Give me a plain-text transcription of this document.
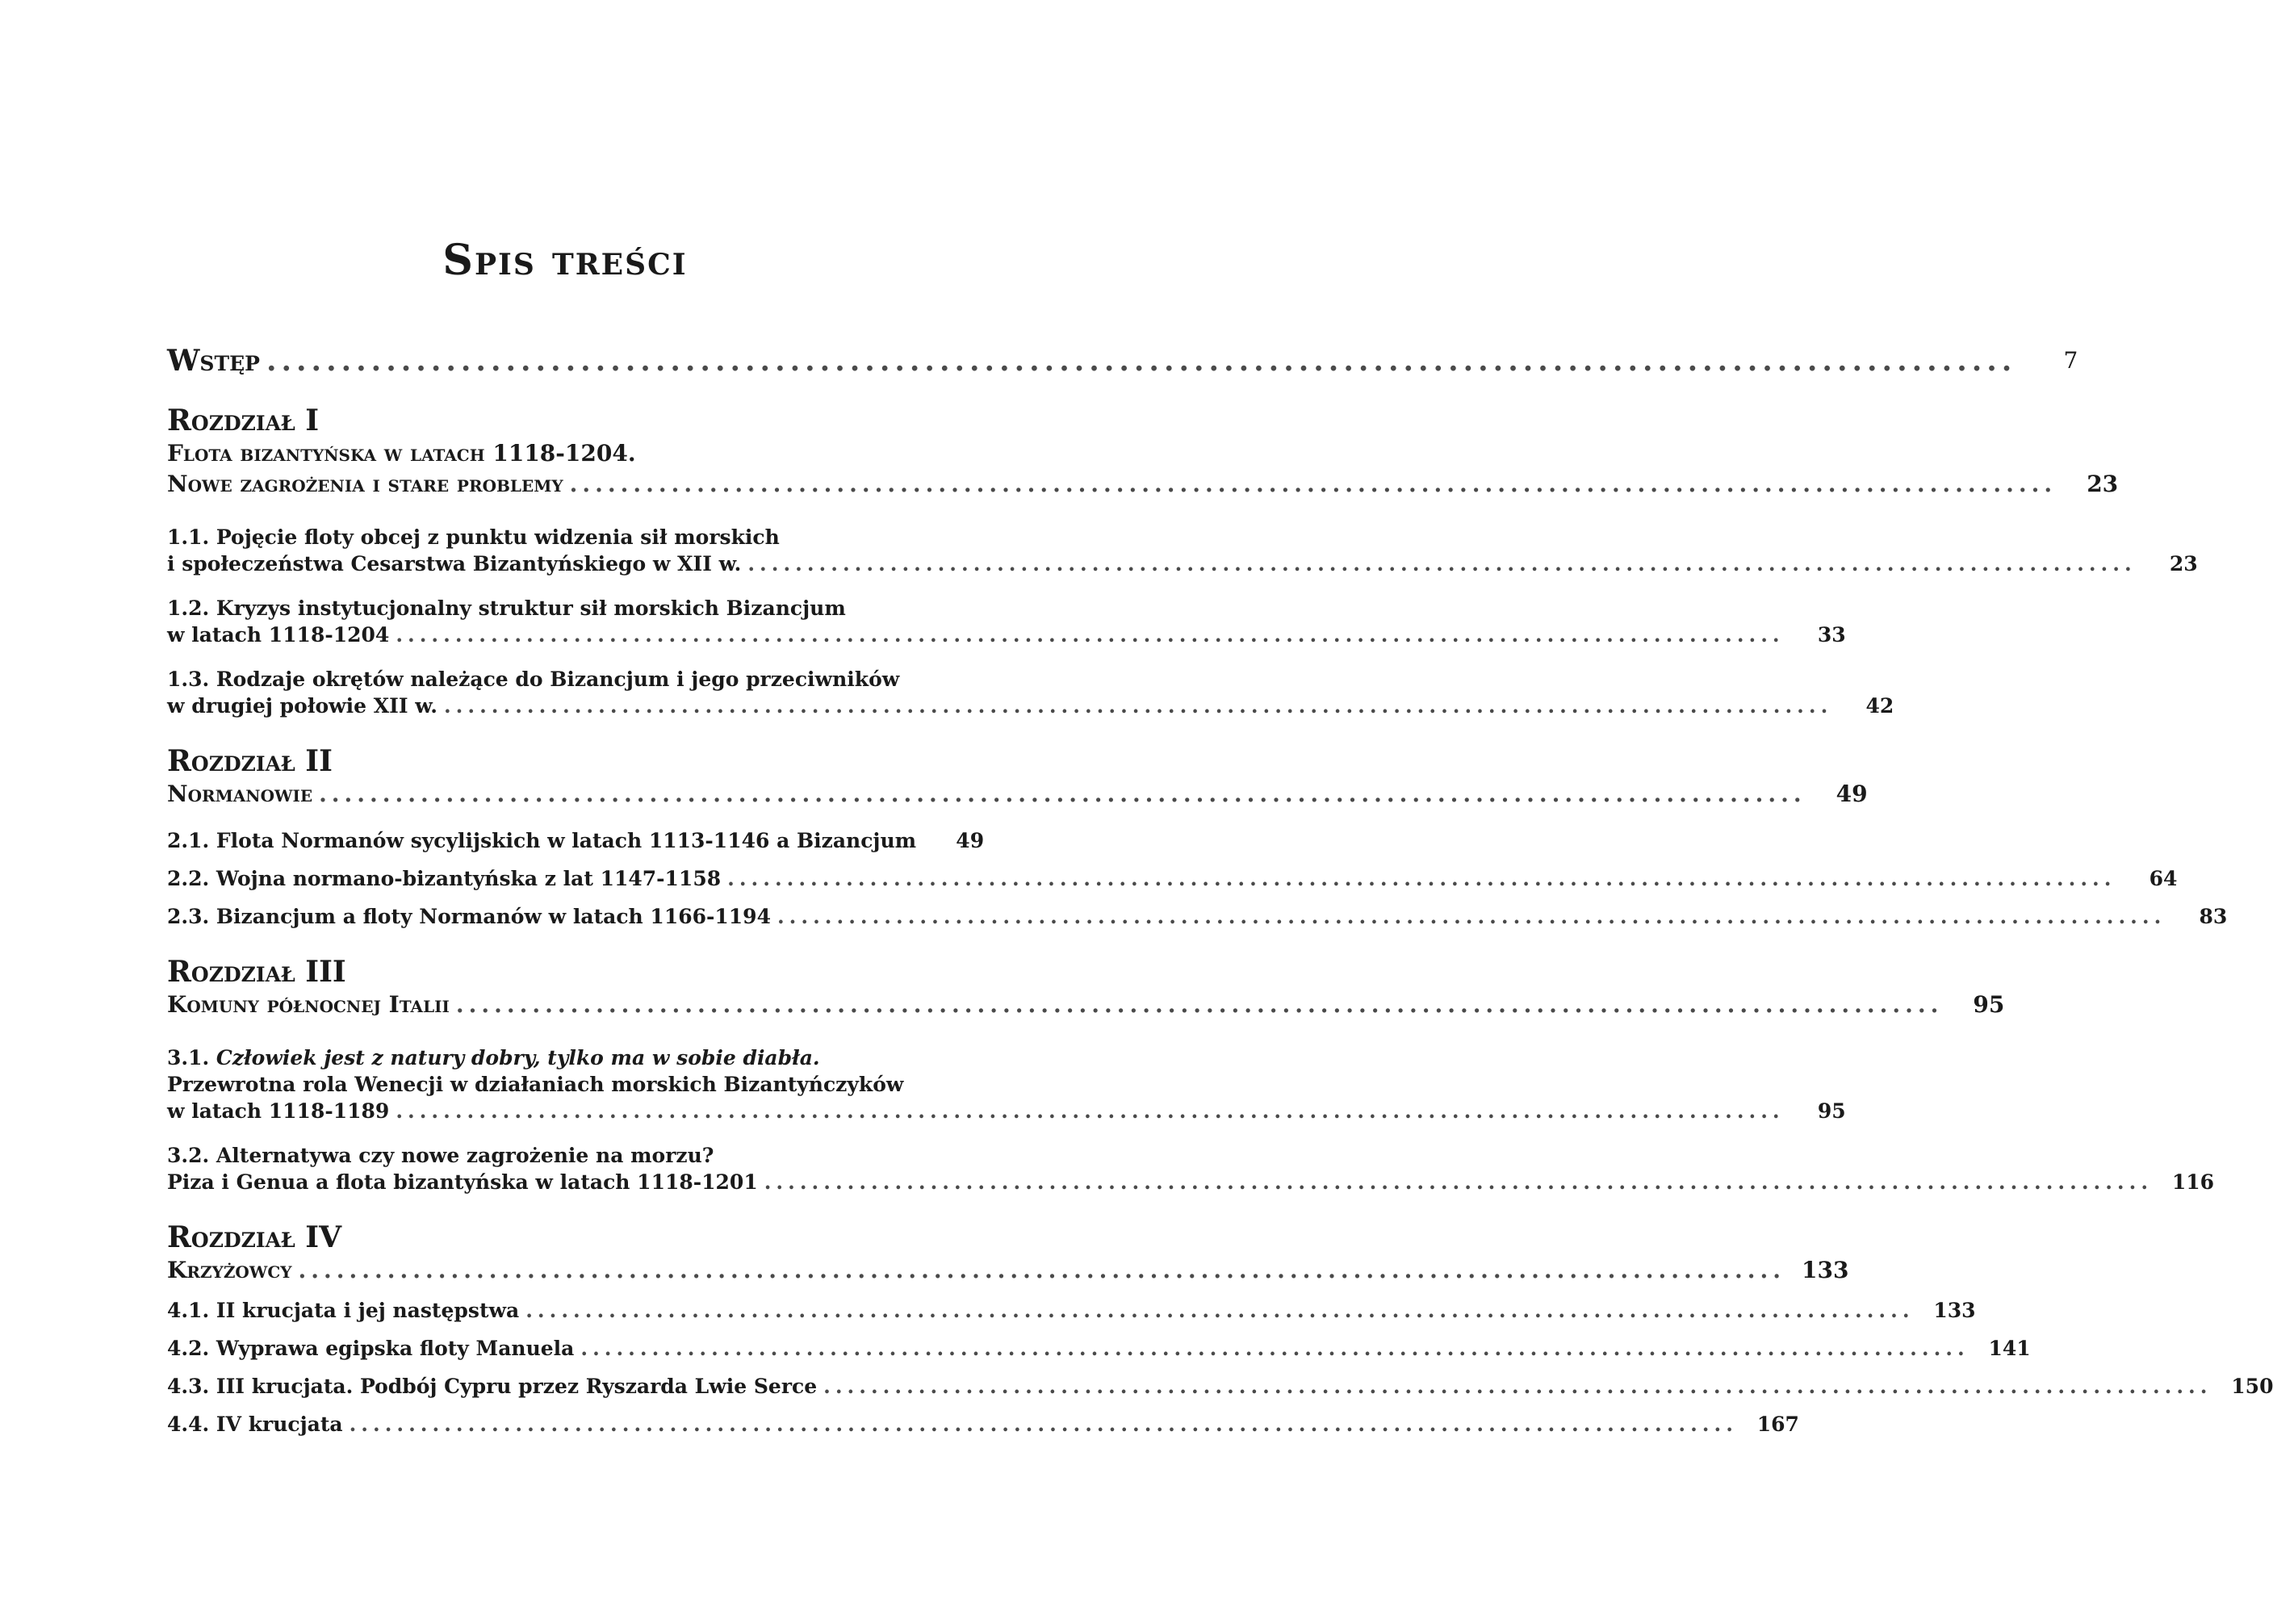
Spis treści
Wstęp .....................................................................................................................	7
Rozdział I
Flota bizantyńska w latach 1118-1204.
Nowe zagrożenia i stare problemy .....................................................................................................................	23
1.1. Pojęcie floty obcej z punktu widzenia sił morskich
i społeczeństwa Cesarstwa Bizantyńskiego w XII w. .....................................................................................................................	23
1.2. Kryzys instytucjonalny struktur sił morskich Bizancjum
w latach 1118-1204 .....................................................................................................................	33
1.3. Rodzaje okrętów należące do Bizancjum i jego przeciwników
w drugiej połowie XII w. .....................................................................................................................	42
Rozdział II
Normanowie .....................................................................................................................	49
2.1. Flota Normanów sycylijskich w latach 1113-1146 a Bizancjum	49
2.2. Wojna normano-bizantyńska z lat 1147-1158 .....................................................................................................................	64
2.3. Bizancjum a floty Normanów w latach 1166-1194 .....................................................................................................................	83
Rozdział III
Komuny północnej Italii .....................................................................................................................	95
3.1. Człowiek jest z natury dobry, tylko ma w sobie diabła.
Przewrotna rola Wenecji w działaniach morskich Bizantyńczyków
w latach 1118-1189 .....................................................................................................................	95
3.2. Alternatywa czy nowe zagrożenie na morzu?
Piza i Genua a flota bizantyńska w latach 1118-1201 ..................................................................................................................... 116
Rozdział IV
Krzyżowcy ..................................................................................................................... 133
4.1. II krucjata i jej następstwa ..................................................................................................................... 133
4.2. Wyprawa egipska floty Manuela ..................................................................................................................... 141
4.3. III krucjata. Podbój Cypru przez Ryszarda Lwie Serce ..................................................................................................................... 150
4.4. IV krucjata ..................................................................................................................... 167
